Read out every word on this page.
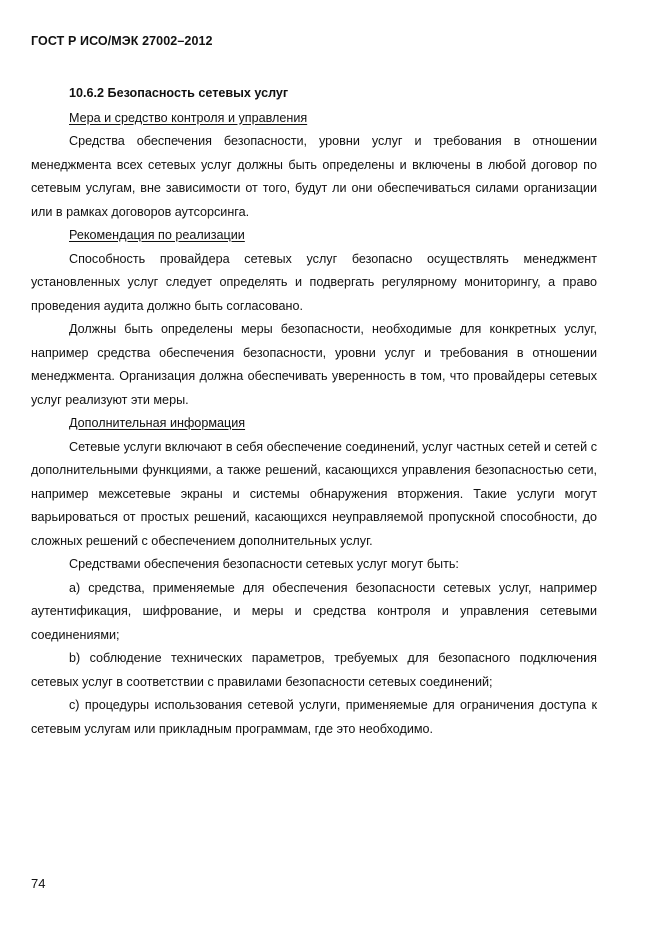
ГОСТ Р ИСО/МЭК 27002–2012

10.6.2 Безопасность сетевых услуг

Мера и средство контроля и управления

Средства обеспечения безопасности, уровни услуг и требования в отношении менеджмента всех сетевых услуг должны быть определены и включены в любой договор по сетевым услугам, вне зависимости от того, будут ли они обеспечиваться силами организации или в рамках договоров аутсорсинга.

Рекомендация по реализации

Способность провайдера сетевых услуг безопасно осуществлять менеджмент установленных услуг следует определять и подвергать регулярному мониторингу, а право проведения аудита должно быть согласовано.

Должны быть определены меры безопасности, необходимые для конкретных услуг, например средства обеспечения безопасности, уровни услуг и требования в отношении менеджмента. Организация должна обеспечивать уверенность в том, что провайдеры сетевых услуг реализуют эти меры.

Дополнительная информация

Сетевые услуги включают в себя обеспечение соединений, услуг частных сетей и сетей с дополнительными функциями, а также решений, касающихся управления безопасностью сети, например межсетевые экраны и системы обнаружения вторжения. Такие услуги могут варьироваться от простых решений, касающихся неуправляемой пропускной способности, до сложных решений с обеспечением дополнительных услуг.

Средствами обеспечения безопасности сетевых услуг могут быть:

а) средства, применяемые для обеспечения безопасности сетевых услуг, например аутентификация, шифрование, и меры и средства контроля и управления сетевыми соединениями;

b) соблюдение технических параметров, требуемых для безопасного подключения сетевых услуг в соответствии с правилами безопасности сетевых соединений;

c) процедуры использования сетевой услуги, применяемые для ограничения доступа к сетевым услугам или прикладным программам, где это необходимо.

74
